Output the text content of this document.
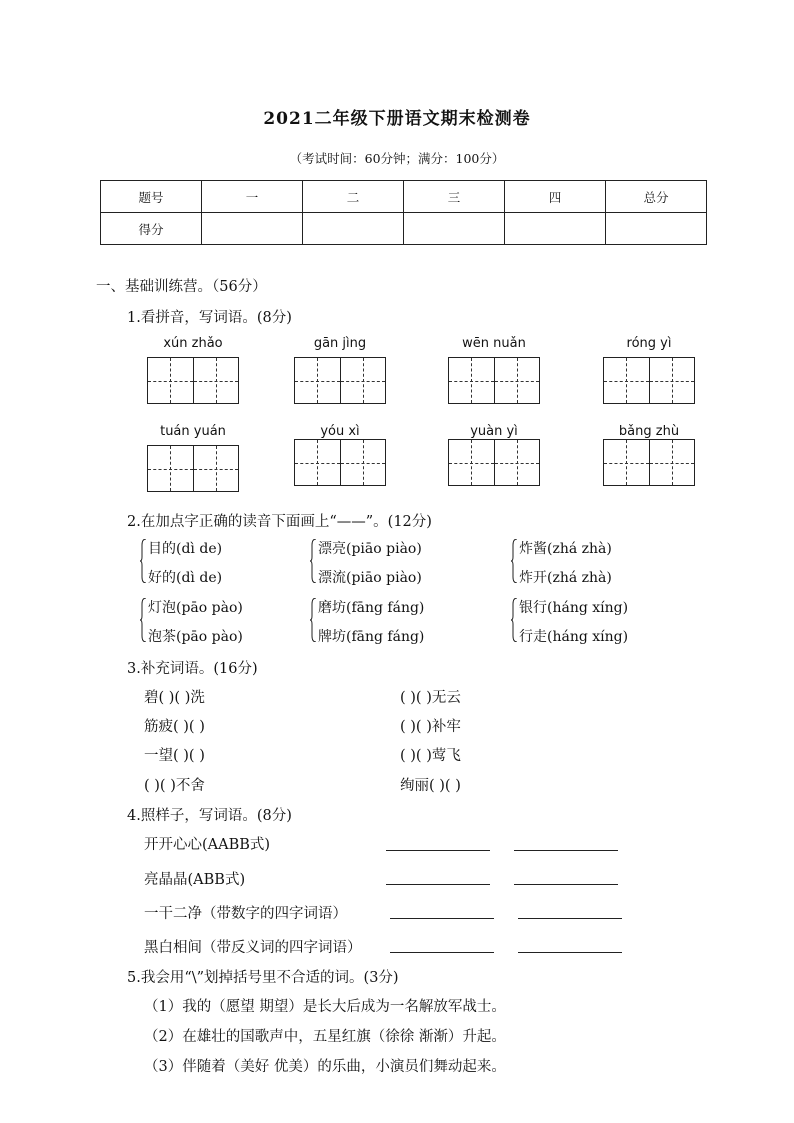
2021二年级下册语文期末检测卷
（考试时间：60分钟；满分：100分）
题号	一	二	三	四	总分
得分					
一、基础训练营。（56分）
1.看拼音，写词语。(8分)
xún zhǎo	gān jìng	wēn nuǎn	róng yì
tuán yuán	yóu xì	yuàn yì	bǎng zhù
2.在加点字正确的读音下面画上“——”。(12分)
目的(dì de)
好的(dì de)
漂亮(piāo piào)
漂流(piāo piào)
炸酱(zhá zhà)
炸开(zhá zhà)
灯泡(pāo pào)
泡茶(pāo pào)
磨坊(fāng fáng)
牌坊(fāng fáng)
银行(háng xíng)
行走(háng xíng)
3.补充词语。(16分)
碧( )( )洗	( )( )无云
筋疲( )( )	( )( )补牢
一望( )( )	( )( )莺飞
( )( )不舍	绚丽( )( )
4.照样子，写词语。(8分)
开开心心(AABB式)
亮晶晶(ABB式)
一干二净（带数字的四字词语）
黑白相间（带反义词的四字词语）
5.我会用“\”划掉括号里不合适的词。(3分)
（1）我的（愿望 期望）是长大后成为一名解放军战士。
（2）在雄壮的国歌声中，五星红旗（徐徐 渐渐）升起。
（3）伴随着（美好 优美）的乐曲，小演员们舞动起来。
